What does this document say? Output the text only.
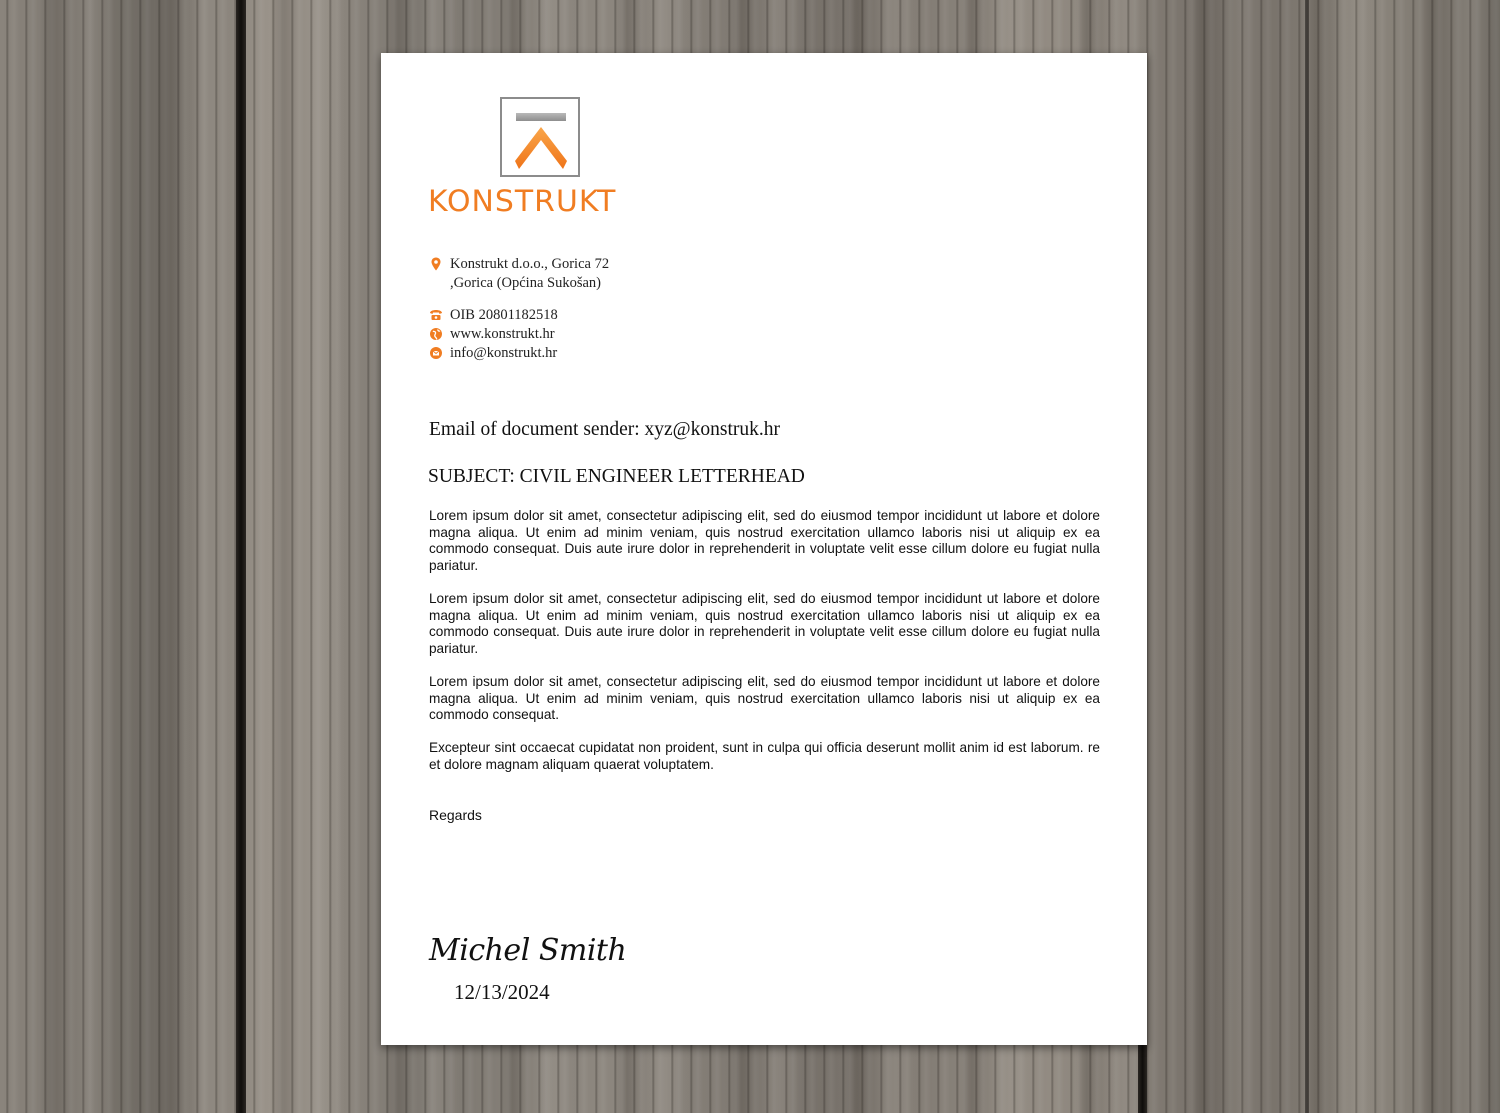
KONSTRUKT
Konstrukt d.o.o., Gorica 72
,Gorica (Općina Sukošan)
OIB 20801182518
www.konstrukt.hr
info@konstrukt.hr
Email of document sender: xyz@konstruk.hr
SUBJECT: CIVIL ENGINEER LETTERHEAD

Lorem ipsum dolor sit amet, consectetur adipiscing elit, sed do eiusmod tempor incididunt ut labore et dolore magna aliqua. Ut enim ad minim veniam, quis nostrud exercitation ullamco laboris nisi ut aliquip ex ea commodo consequat. Duis aute irure dolor in reprehenderit in voluptate velit esse cillum dolore eu fugiat nulla pariatur.

Lorem ipsum dolor sit amet, consectetur adipiscing elit, sed do eiusmod tempor incididunt ut labore et dolore magna aliqua. Ut enim ad minim veniam, quis nostrud exercitation ullamco laboris nisi ut aliquip ex ea commodo consequat. Duis aute irure dolor in reprehenderit in voluptate velit esse cillum dolore eu fugiat nulla pariatur.

Lorem ipsum dolor sit amet, consectetur adipiscing elit, sed do eiusmod tempor incididunt ut labore et dolore magna aliqua. Ut enim ad minim veniam, quis nostrud exercitation ullamco laboris nisi ut aliquip ex ea commodo consequat.

Excepteur sint occaecat cupidatat non proident, sunt in culpa qui officia deserunt mollit anim id est laborum. re et dolore magnam aliquam quaerat voluptatem.

Regards
Michel Smith
12/13/2024
